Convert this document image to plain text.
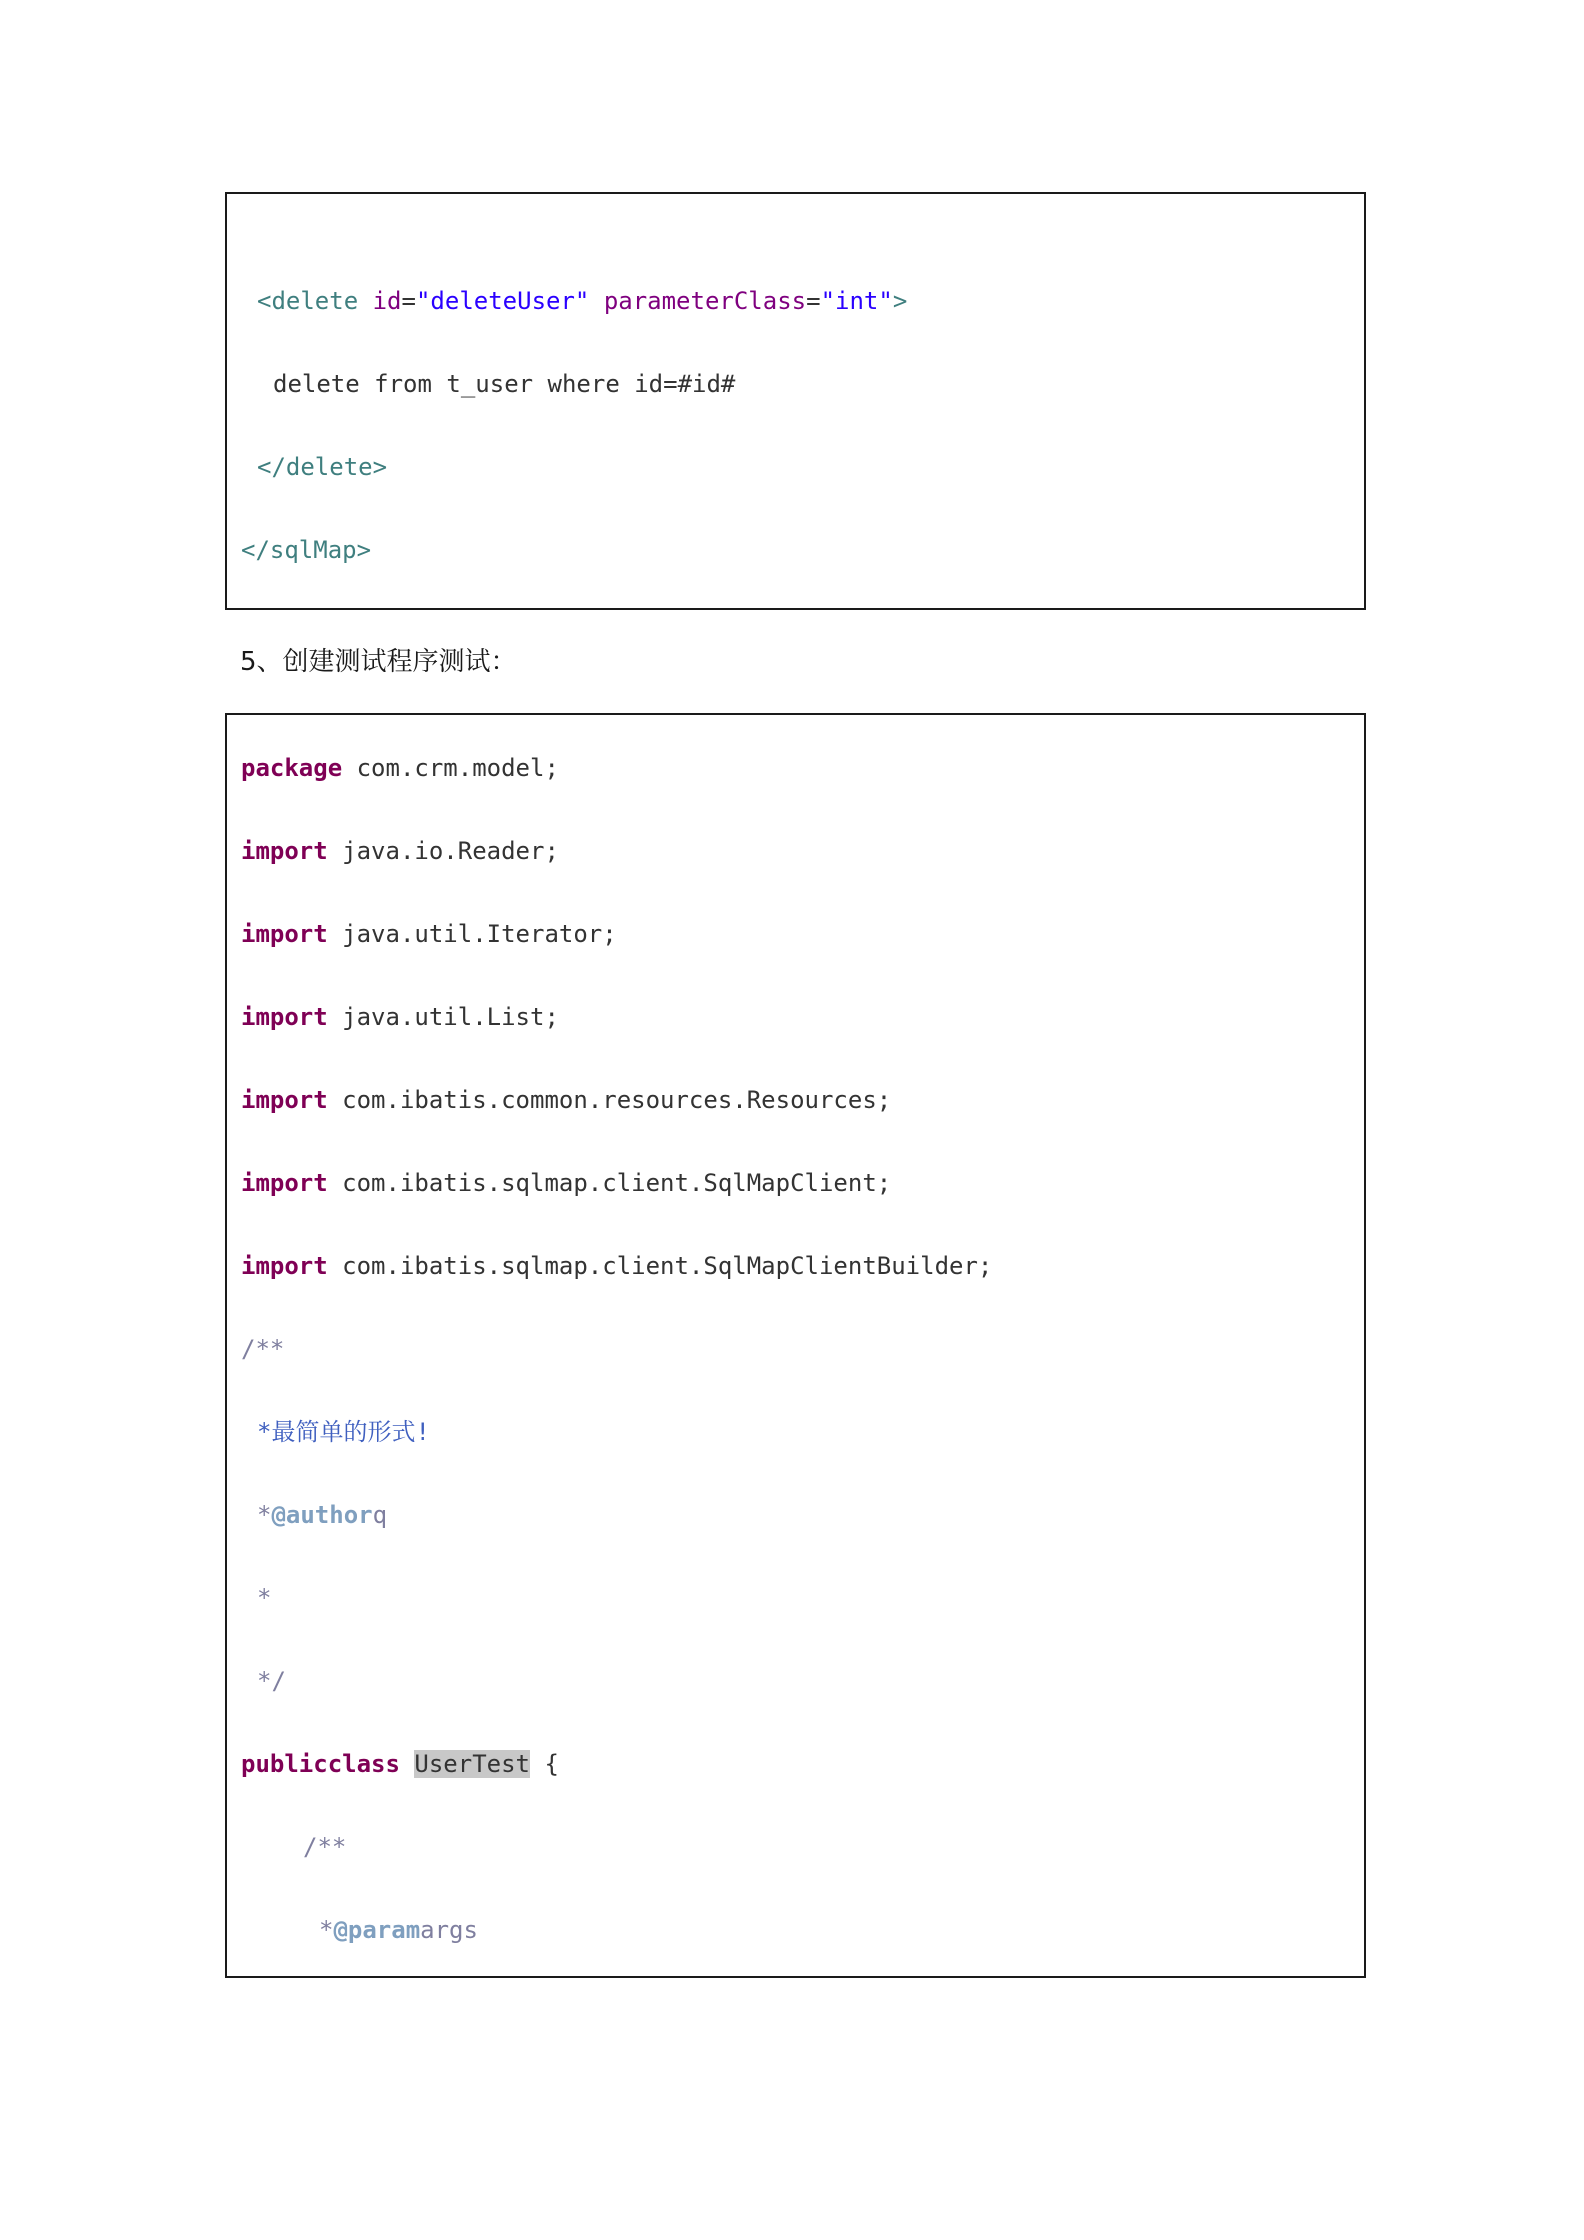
<delete id="deleteUser" parameterClass="int">
delete from t_user where id=#id#
</delete>
</sqlMap>
5、创建测试程序测试：
package com.crm.model;
import java.io.Reader;
import java.util.Iterator;
import java.util.List;
import com.ibatis.common.resources.Resources;
import com.ibatis.sqlmap.client.SqlMapClient;
import com.ibatis.sqlmap.client.SqlMapClientBuilder;
/**
*最简单的形式!
*@authorq
*
*/
publicclass UserTest {
/**
*@paramargs
